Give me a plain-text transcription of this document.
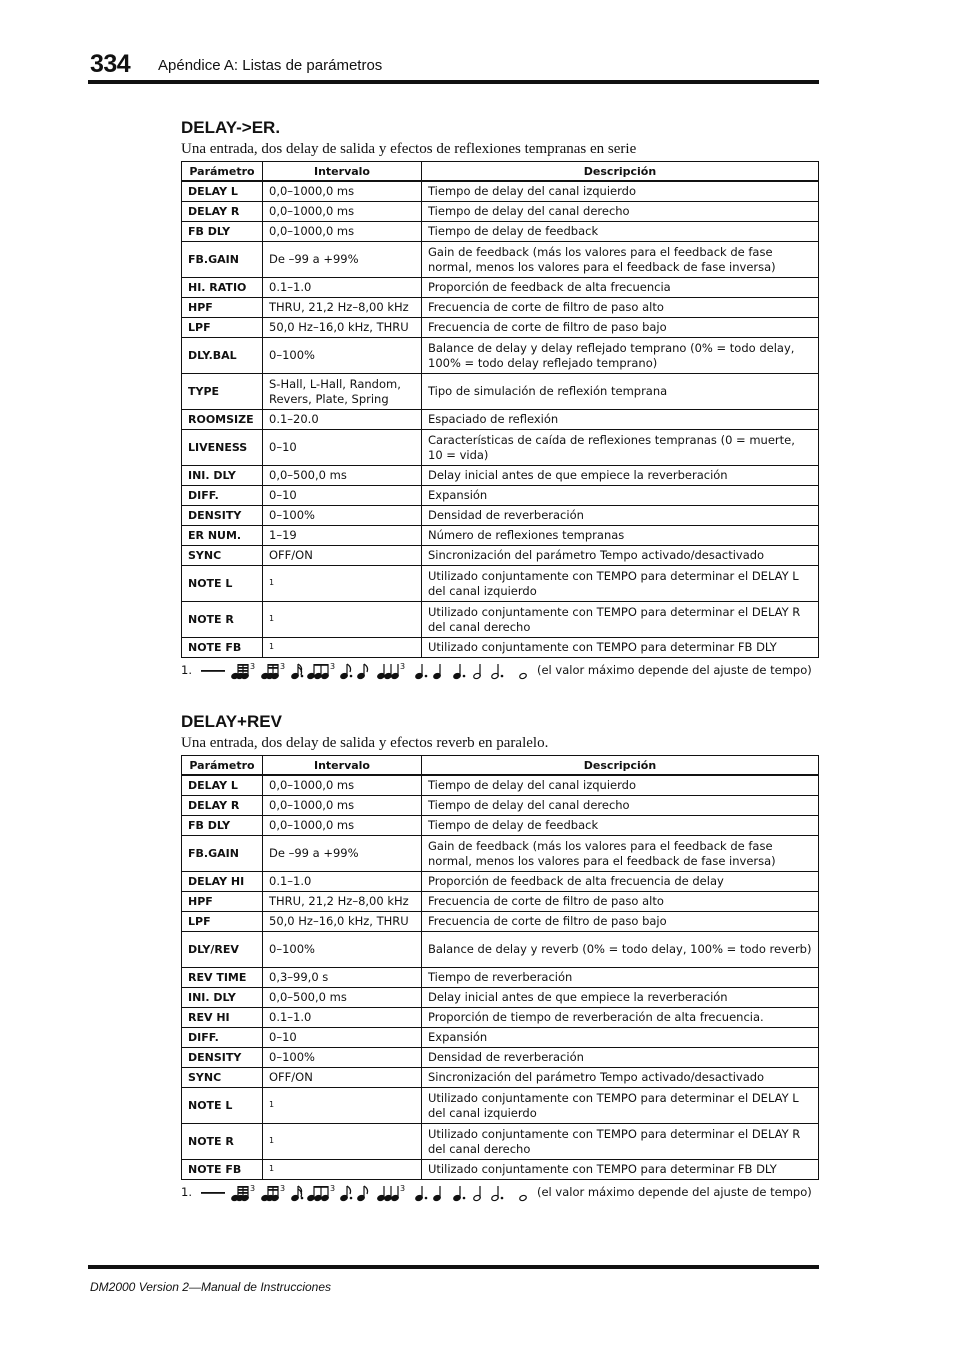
334 Apéndice A: Listas de parámetros
DELAY->ER.

Una entrada, dos delay de salida y efectos de reflexiones tempranas en serie

Parámetro	Intervalo	Descripción
DELAY L	0,0–1000,0 ms	Tiempo de delay del canal izquierdo
DELAY R	0,0–1000,0 ms	Tiempo de delay del canal derecho
FB DLY	0,0–1000,0 ms	Tiempo de delay de feedback
FB.GAIN	De –99 a +99%	Gain de feedback (más los valores para el feedback de fase normal, menos los valores para el feedback de fase inversa)
HI. RATIO	0.1–1.0	Proporción de feedback de alta frecuencia
HPF	THRU, 21,2 Hz–8,00 kHz	Frecuencia de corte de filtro de paso alto
LPF	50,0 Hz–16,0 kHz, THRU	Frecuencia de corte de filtro de paso bajo
DLY.BAL	0–100%	Balance de delay y delay reflejado temprano (0% = todo delay, 100% = todo delay reflejado temprano)
TYPE	S-Hall, L-Hall, Random, Revers, Plate, Spring	Tipo de simulación de reflexión temprana
ROOMSIZE	0.1–20.0	Espaciado de reflexión
LIVENESS	0–10	Características de caída de reflexiones tempranas (0 = muerte, 10 = vida)
INI. DLY	0,0–500,0 ms	Delay inicial antes de que empiece la reverberación
DIFF.	0–10	Expansión
DENSITY	0–100%	Densidad de reverberación
ER NUM.	1–19	Número de reflexiones tempranas
SYNC	OFF/ON	Sincronización del parámetro Tempo activado/desactivado
NOTE L	$^1$	Utilizado conjuntamente con TEMPO para determinar el DELAY L del canal izquierdo
NOTE R	$^1$	Utilizado conjuntamente con TEMPO para determinar el DELAY R del canal derecho
NOTE FB	$^1$	Utilizado conjuntamente con TEMPO para determinar FB DLY
1.	3	3	3	3	(el valor máximo depende del ajuste de tempo)
DELAY+REV

Una entrada, dos delay de salida y efectos reverb en paralelo.

Parámetro	Intervalo	Descripción
DELAY L	0,0–1000,0 ms	Tiempo de delay del canal izquierdo
DELAY R	0,0–1000,0 ms	Tiempo de delay del canal derecho
FB DLY	0,0–1000,0 ms	Tiempo de delay de feedback
FB.GAIN	De –99 a +99%	Gain de feedback (más los valores para el feedback de fase normal, menos los valores para el feedback de fase inversa)
DELAY HI	0.1–1.0	Proporción de feedback de alta frecuencia de delay
HPF	THRU, 21,2 Hz–8,00 kHz	Frecuencia de corte de filtro de paso alto
LPF	50,0 Hz–16,0 kHz, THRU	Frecuencia de corte de filtro de paso bajo
DLY/REV	0–100%	Balance de delay y reverb (0% = todo delay, 100% = todo reverb)
REV TIME	0,3–99,0 s	Tiempo de reverberación
INI. DLY	0,0–500,0 ms	Delay inicial antes de que empiece la reverberación
REV HI	0.1–1.0	Proporción de tiempo de reverberación de alta frecuencia.
DIFF.	0–10	Expansión
DENSITY	0–100%	Densidad de reverberación
SYNC	OFF/ON	Sincronización del parámetro Tempo activado/desactivado
NOTE L	$^1$	Utilizado conjuntamente con TEMPO para determinar el DELAY L del canal izquierdo
NOTE R	$^1$	Utilizado conjuntamente con TEMPO para determinar el DELAY R del canal derecho
NOTE FB	$^1$	Utilizado conjuntamente con TEMPO para determinar FB DLY
1.	3	3	3	3	(el valor máximo depende del ajuste de tempo)
DM2000 Version 2—Manual de Instrucciones
